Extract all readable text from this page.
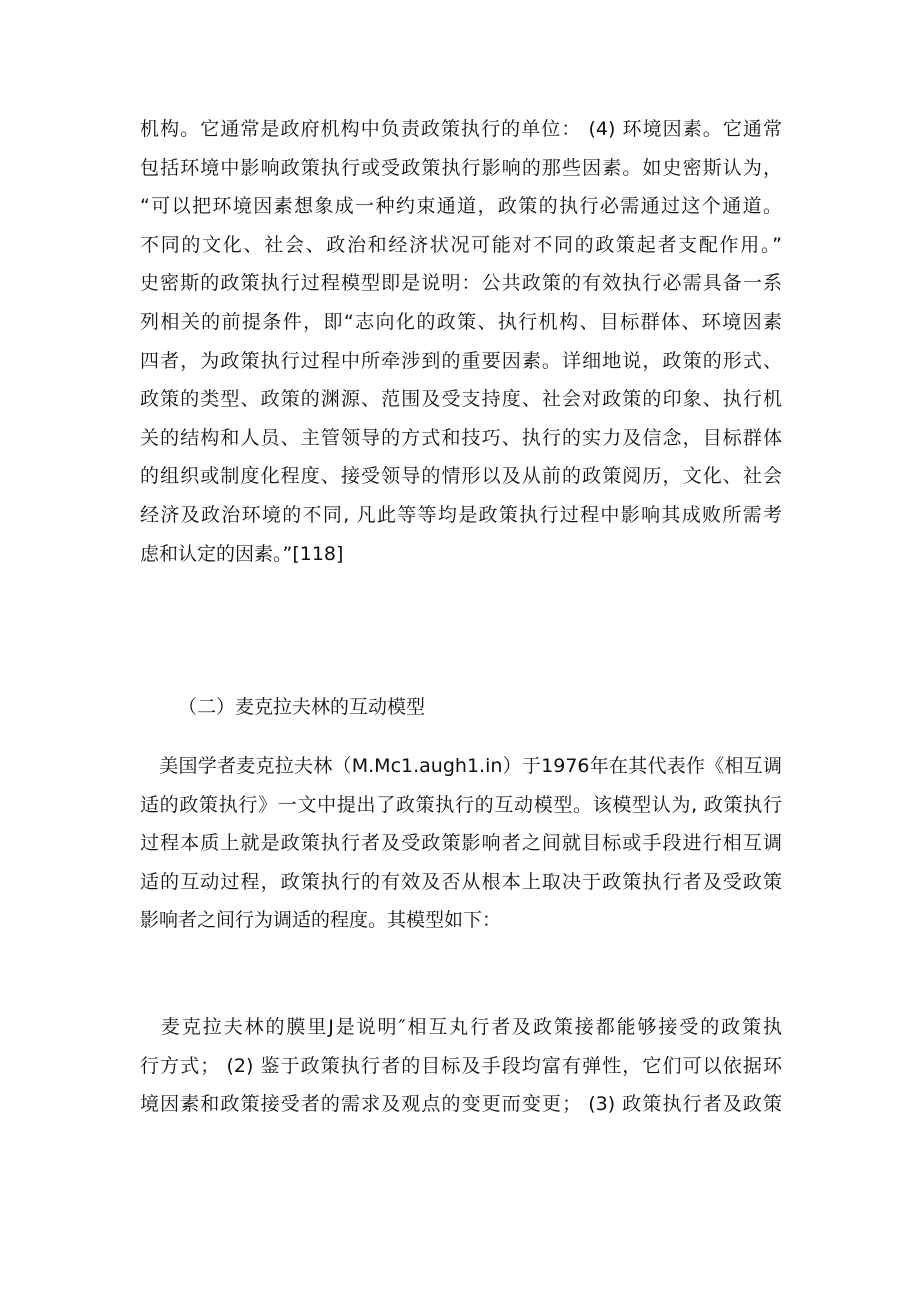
机构。它通常是政府机构中负责政策执行的单位： (4) 环境因素。它通常
包括环境中影响政策执行或受政策执行影响的那些因素。如史密斯认为，
“可以把环境因素想象成一种约束通道，政策的执行必需通过这个通道。
不同的文化、社会、政治和经济状况可能对不同的政策起者支配作用。”
史密斯的政策执行过程模型即是说明：公共政策的有效执行必需具备一系
列相关的前提条件，即“志向化的政策、执行机构、目标群体、环境因素
四者，为政策执行过程中所牵涉到的重要因素。详细地说，政策的形式、
政策的类型、政策的渊源、范围及受支持度、社会对政策的印象、执行机
关的结构和人员、主管领导的方式和技巧、执行的实力及信念，目标群体
的组织或制度化程度、接受领导的情形以及从前的政策阅历，文化、社会
经济及政治环境的不同, 凡此等等均是政策执行过程中影响其成败所需考
虑和认定的因素。”[118]
（二）麦克拉夫林的互动模型
　美国学者麦克拉夫林（M.Mc1.augh1.in）于1976年在其代表作《相互调
适的政策执行》一文中提出了政策执行的互动模型。该模型认为, 政策执行
过程本质上就是政策执行者及受政策影响者之间就目标或手段进行相互调
适的互动过程，政策执行的有效及否从根本上取决于政策执行者及受政策
影响者之间行为调适的程度。其模型如下：
　麦克拉夫林的膜里J是说明″相互丸行者及政策接都能够接受的政策执
行方式； (2) 鉴于政策执行者的目标及手段均富有弹性，它们可以依据环
境因素和政策接受者的需求及观点的变更而变更； (3) 政策执行者及政策
